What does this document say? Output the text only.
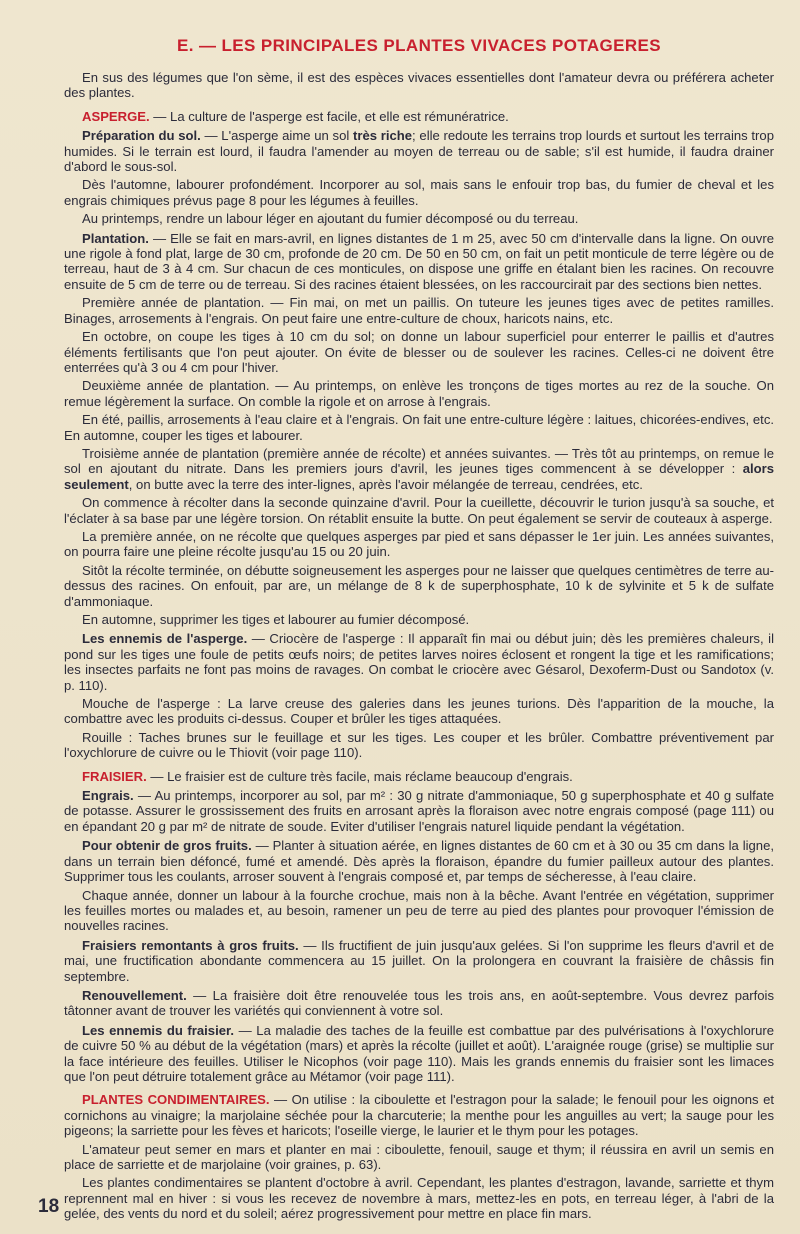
E. — LES PRINCIPALES PLANTES VIVACES POTAGERES

En sus des légumes que l'on sème, il est des espèces vivaces essentielles dont l'amateur devra ou préférera acheter des plantes.

ASPERGE. — La culture de l'asperge est facile, et elle est rémunératrice.

Préparation du sol. — L'asperge aime un sol très riche; elle redoute les terrains trop lourds et surtout les terrains trop humides. Si le terrain est lourd, il faudra l'amender au moyen de terreau ou de sable; s'il est humide, il faudra drainer d'abord le sous-sol.

Dès l'automne, labourer profondément. Incorporer au sol, mais sans le enfouir trop bas, du fumier de cheval et les engrais chimiques prévus page 8 pour les légumes à feuilles.

Au printemps, rendre un labour léger en ajoutant du fumier décomposé ou du terreau.

Plantation. — Elle se fait en mars-avril, en lignes distantes de 1 m 25, avec 50 cm d'intervalle dans la ligne. On ouvre une rigole à fond plat, large de 30 cm, profonde de 20 cm. De 50 en 50 cm, on fait un petit monticule de terre légère ou de terreau, haut de 3 à 4 cm. Sur chacun de ces monticules, on dispose une griffe en étalant bien les racines. On recouvre ensuite de 5 cm de terre ou de terreau. Si des racines étaient blessées, on les raccourcirait par des sections bien nettes.

Première année de plantation. — Fin mai, on met un paillis. On tuteure les jeunes tiges avec de petites ramilles. Binages, arrosements à l'engrais. On peut faire une entre-culture de choux, haricots nains, etc.

En octobre, on coupe les tiges à 10 cm du sol; on donne un labour superficiel pour enterrer le paillis et d'autres éléments fertilisants que l'on peut ajouter. On évite de blesser ou de soulever les racines. Celles-ci ne doivent être enterrées qu'à 3 ou 4 cm pour l'hiver.

Deuxième année de plantation. — Au printemps, on enlève les tronçons de tiges mortes au rez de la souche. On remue légèrement la surface. On comble la rigole et on arrose à l'engrais.

En été, paillis, arrosements à l'eau claire et à l'engrais. On fait une entre-culture légère : laitues, chicorées-endives, etc. En automne, couper les tiges et labourer.

Troisième année de plantation (première année de récolte) et années suivantes. — Très tôt au printemps, on remue le sol en ajoutant du nitrate. Dans les premiers jours d'avril, les jeunes tiges commencent à se développer : alors seulement, on butte avec la terre des inter-lignes, après l'avoir mélangée de terreau, cendrées, etc.

On commence à récolter dans la seconde quinzaine d'avril. Pour la cueillette, découvrir le turion jusqu'à sa souche, et l'éclater à sa base par une légère torsion. On rétablit ensuite la butte. On peut également se servir de couteaux à asperge.

La première année, on ne récolte que quelques asperges par pied et sans dépasser le 1er juin. Les années suivantes, on pourra faire une pleine récolte jusqu'au 15 ou 20 juin.

Sitôt la récolte terminée, on débutte soigneusement les asperges pour ne laisser que quelques centimètres de terre au-dessus des racines. On enfouit, par are, un mélange de 8 k de superphosphate, 10 k de sylvinite et 5 k de sulfate d'ammoniaque.

En automne, supprimer les tiges et labourer au fumier décomposé.

Les ennemis de l'asperge. — Criocère de l'asperge : Il apparaît fin mai ou début juin; dès les premières chaleurs, il pond sur les tiges une foule de petits œufs noirs; de petites larves noires éclosent et rongent la tige et les ramifications; les insectes parfaits ne font pas moins de ravages. On combat le criocère avec Gésarol, Dexoferm-Dust ou Sandotox (v. p. 110).

Mouche de l'asperge : La larve creuse des galeries dans les jeunes turions. Dès l'apparition de la mouche, la combattre avec les produits ci-dessus. Couper et brûler les tiges attaquées.

Rouille : Taches brunes sur le feuillage et sur les tiges. Les couper et les brûler. Combattre préventivement par l'oxychlorure de cuivre ou le Thiovit (voir page 110).

FRAISIER. — Le fraisier est de culture très facile, mais réclame beaucoup d'engrais.

Engrais. — Au printemps, incorporer au sol, par m² : 30 g nitrate d'ammoniaque, 50 g superphosphate et 40 g sulfate de potasse. Assurer le grossissement des fruits en arrosant après la floraison avec notre engrais composé (page 111) ou en épandant 20 g par m² de nitrate de soude. Eviter d'utiliser l'engrais naturel liquide pendant la végétation.

Pour obtenir de gros fruits. — Planter à situation aérée, en lignes distantes de 60 cm et à 30 ou 35 cm dans la ligne, dans un terrain bien défoncé, fumé et amendé. Dès après la floraison, épandre du fumier pailleux autour des plantes. Supprimer tous les coulants, arroser souvent à l'engrais composé et, par temps de sécheresse, à l'eau claire.

Chaque année, donner un labour à la fourche crochue, mais non à la bêche. Avant l'entrée en végétation, supprimer les feuilles mortes ou malades et, au besoin, ramener un peu de terre au pied des plantes pour provoquer l'émission de nouvelles racines.

Fraisiers remontants à gros fruits. — Ils fructifient de juin jusqu'aux gelées. Si l'on supprime les fleurs d'avril et de mai, une fructification abondante commencera au 15 juillet. On la prolongera en couvrant la fraisière de châssis fin septembre.

Renouvellement. — La fraisière doit être renouvelée tous les trois ans, en août-septembre. Vous devrez parfois tâtonner avant de trouver les variétés qui conviennent à votre sol.

Les ennemis du fraisier. — La maladie des taches de la feuille est combattue par des pulvérisations à l'oxychlorure de cuivre 50 % au début de la végétation (mars) et après la récolte (juillet et août). L'araignée rouge (grise) se multiplie sur la face intérieure des feuilles. Utiliser le Nicophos (voir page 110). Mais les grands ennemis du fraisier sont les limaces que l'on peut détruire totalement grâce au Métamor (voir page 111).

PLANTES CONDIMENTAIRES. — On utilise : la ciboulette et l'estragon pour la salade; le fenouil pour les oignons et cornichons au vinaigre; la marjolaine séchée pour la charcuterie; la menthe pour les anguilles au vert; la sauge pour les pigeons; la sarriette pour les fèves et haricots; l'oseille vierge, le laurier et le thym pour les potages.

L'amateur peut semer en mars et planter en mai : ciboulette, fenouil, sauge et thym; il réussira en avril un semis en place de sarriette et de marjolaine (voir graines, p. 63).

Les plantes condimentaires se plantent d'octobre à avril. Cependant, les plantes d'estragon, lavande, sarriette et thym reprennent mal en hiver : si vous les recevez de novembre à mars, mettez-les en pots, en terreau léger, à l'abri de la gelée, des vents du nord et du soleil; aérez progressivement pour mettre en place fin mars.

18
